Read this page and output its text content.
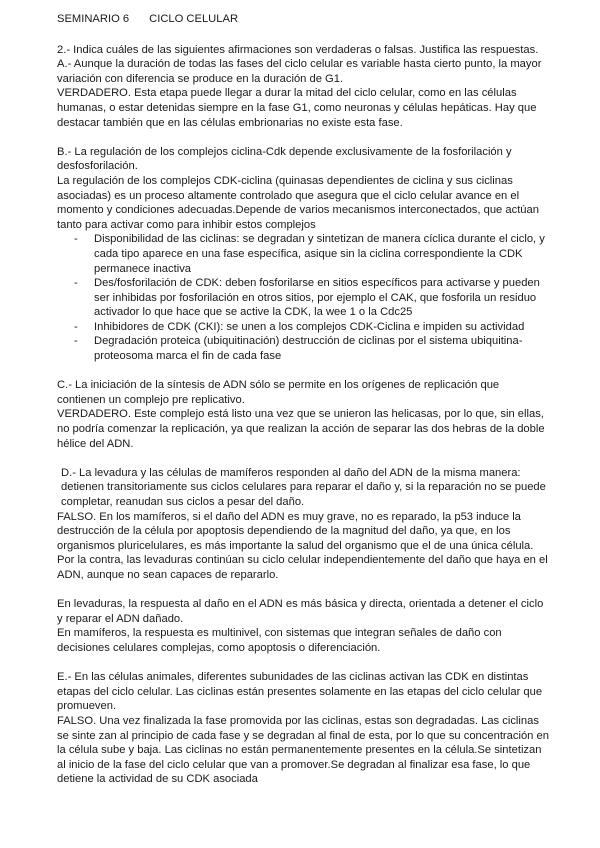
SEMINARIO 6 CICLO CELULAR

2.- Indica cuáles de las siguientes afirmaciones son verdaderas o falsas. Justifica las respuestas.

A.- Aunque la duración de todas las fases del ciclo celular es variable hasta cierto punto, la mayor variación con diferencia se produce en la duración de G1.

VERDADERO. Esta etapa puede llegar a durar la mitad del ciclo celular, como en las células humanas, o estar detenidas siempre en la fase G1, como neuronas y células hepáticas. Hay que destacar también que en las células embrionarias no existe esta fase.

B.- La regulación de los complejos ciclina-Cdk depende exclusivamente de la fosforilación y desfosforilación.

La regulación de los complejos CDK-ciclina (quinasas dependientes de ciclina y sus ciclinas asociadas) es un proceso altamente controlado que asegura que el ciclo celular avance en el momento y condiciones adecuadas.Depende de varios mecanismos interconectados, que actúan tanto para activar como para inhibir estos complejos

- Disponibilidad de las ciclinas: se degradan y sintetizan de manera cíclica durante el ciclo, y cada tipo aparece en una fase específica, asique sin la ciclina correspondiente la CDK permanece inactiva
- Des/fosforilación de CDK: deben fosforilarse en sitios específicos para activarse y pueden ser inhibidas por fosforilación en otros sitios, por ejemplo el CAK, que fosforila un residuo activador lo que hace que se active la CDK, la wee 1 o la Cdc25
- Inhibidores de CDK (CKI): se unen a los complejos CDK-Ciclina e impiden su actividad
- Degradación proteica (ubiquitinación) destrucción de ciclinas por el sistema ubiquitina-proteosoma marca el fin de cada fase

C.- La iniciación de la síntesis de ADN sólo se permite en los orígenes de replicación que contienen un complejo pre replicativo.

VERDADERO. Este complejo está listo una vez que se unieron las helicasas, por lo que, sin ellas, no podría comenzar la replicación, ya que realizan la acción de separar las dos hebras de la doble hélice del ADN.

D.- La levadura y las células de mamíferos responden al daño del ADN de la misma manera: detienen transitoriamente sus ciclos celulares para reparar el daño y, si la reparación no se puede completar, reanudan sus ciclos a pesar del daño.

FALSO. En los mamíferos, si el daño del ADN es muy grave, no es reparado, la p53 induce la destrucción de la célula por apoptosis dependiendo de la magnitud del daño, ya que, en los organismos pluricelulares, es más importante la salud del organismo que el de una única célula. Por la contra, las levaduras continúan su ciclo celular independientemente del daño que haya en el ADN, aunque no sean capaces de repararlo.

En levaduras, la respuesta al daño en el ADN es más básica y directa, orientada a detener el ciclo y reparar el ADN dañado.

En mamíferos, la respuesta es multinivel, con sistemas que integran señales de daño con decisiones celulares complejas, como apoptosis o diferenciación.

E.- En las células animales, diferentes subunidades de las ciclinas activan las CDK en distintas etapas del ciclo celular. Las ciclinas están presentes solamente en las etapas del ciclo celular que promueven.

FALSO. Una vez finalizada la fase promovida por las ciclinas, estas son degradadas. Las ciclinas se sinte zan al principio de cada fase y se degradan al final de esta, por lo que su concentración en la célula sube y baja. Las ciclinas no están permanentemente presentes en la célula.Se sintetizan al inicio de la fase del ciclo celular que van a promover.Se degradan al finalizar esa fase, lo que detiene la actividad de su CDK asociada
